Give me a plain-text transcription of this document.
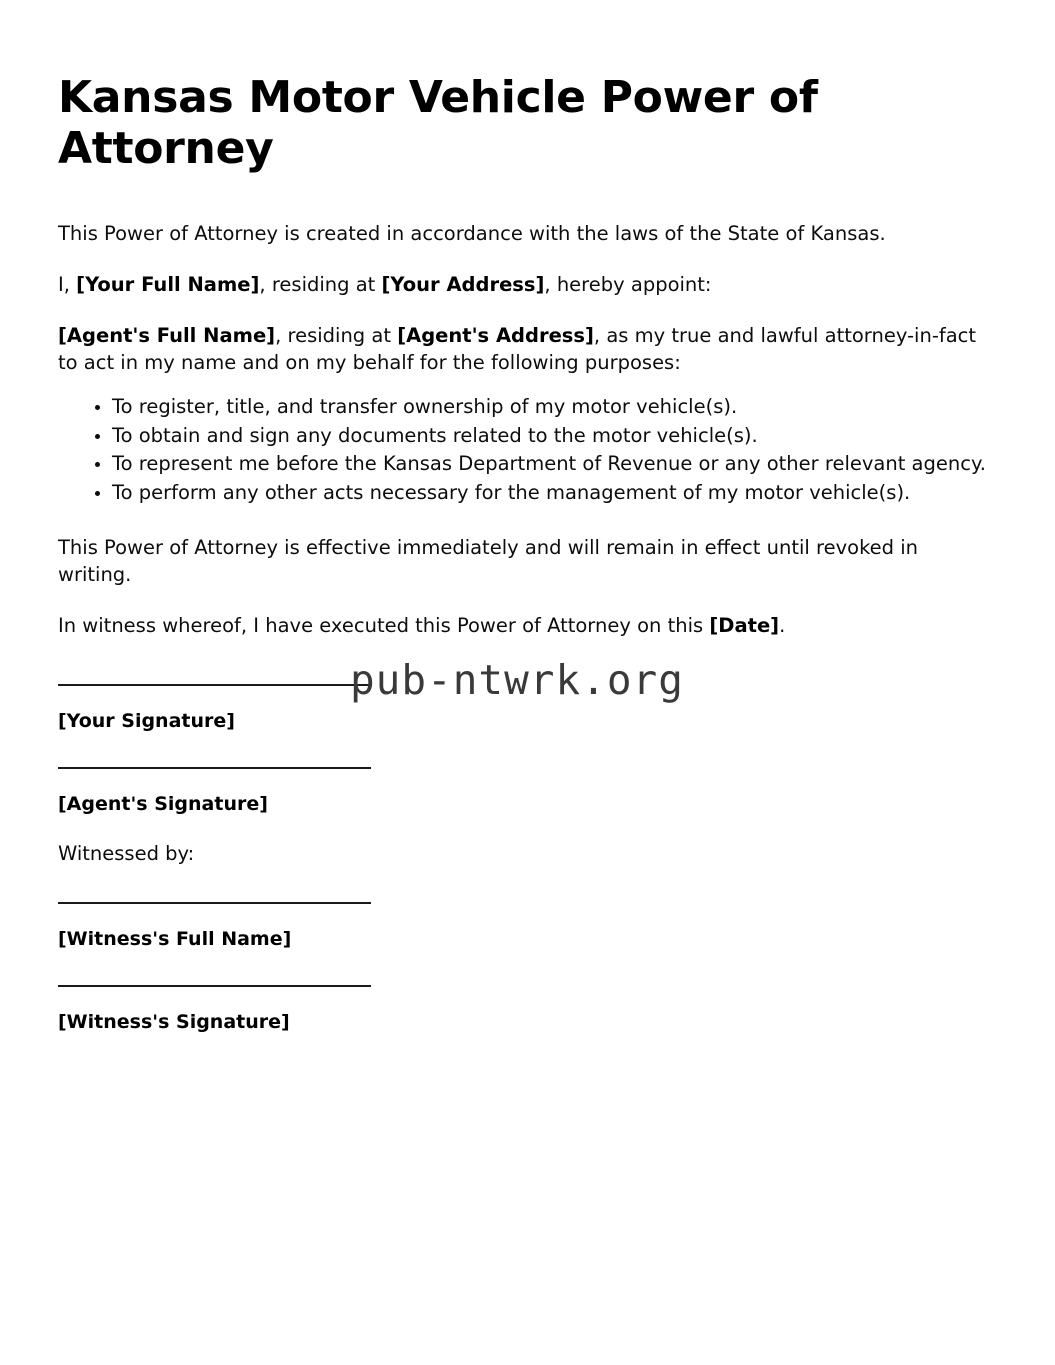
Kansas Motor Vehicle Power of Attorney

This Power of Attorney is created in accordance with the laws of the State of Kansas.

I, [Your Full Name], residing at [Your Address], hereby appoint:

[Agent's Full Name], residing at [Agent's Address], as my true and lawful attorney-in-fact to act in my name and on my behalf for the following purposes:

To register, title, and transfer ownership of my motor vehicle(s).
To obtain and sign any documents related to the motor vehicle(s).
To represent me before the Kansas Department of Revenue or any other relevant agency.
To perform any other acts necessary for the management of my motor vehicle(s).

This Power of Attorney is effective immediately and will remain in effect until revoked in writing.

In witness whereof, I have executed this Power of Attorney on this [Date].

[Your Signature]
[Agent's Signature]
Witnessed by:
[Witness's Full Name]
[Witness's Signature]
pub-ntwrk.org
